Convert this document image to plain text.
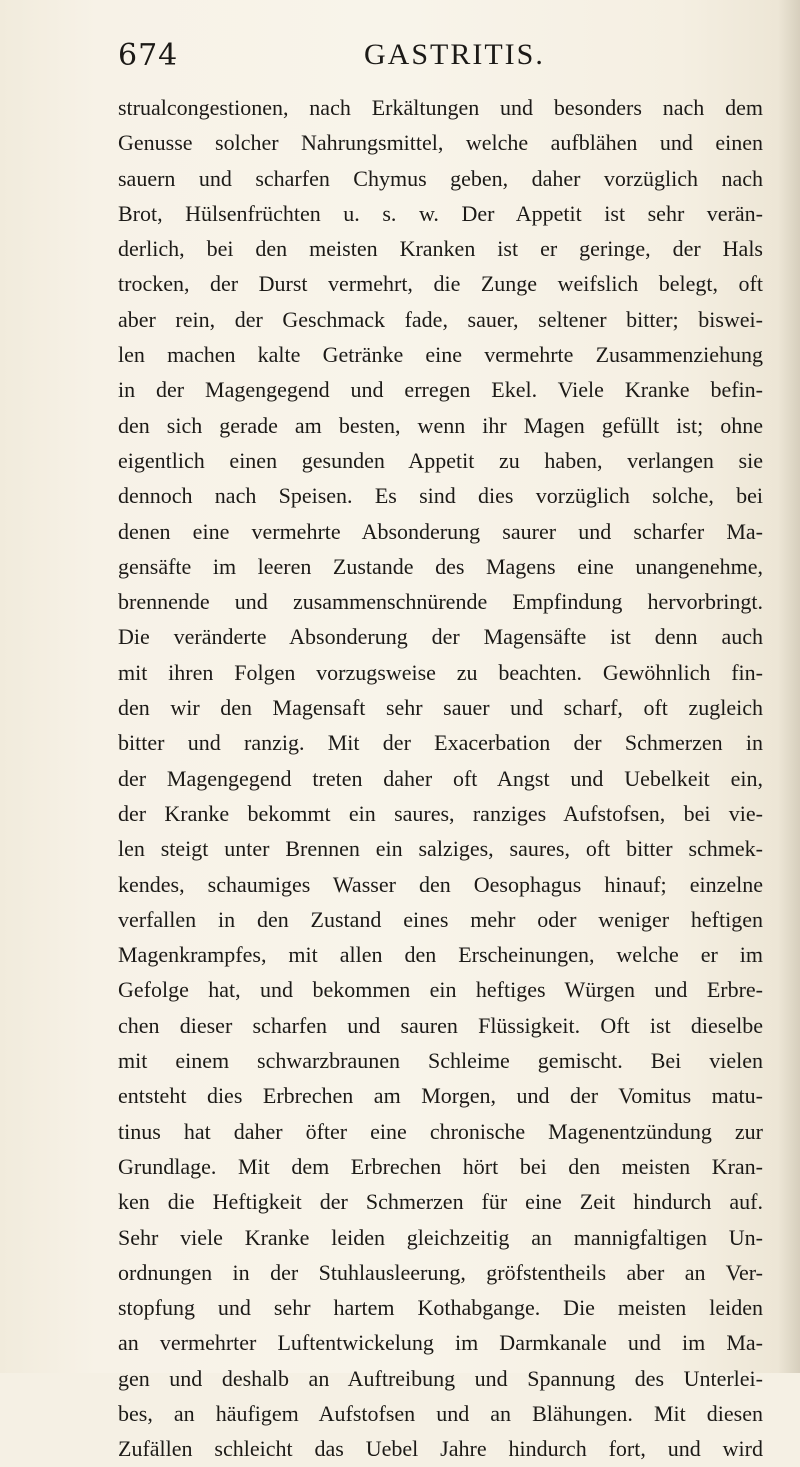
674	GASTRITIS.
strualcongestionen, nach Erkältungen und besonders nach dem
Genusse solcher Nahrungsmittel, welche aufblähen und einen
sauern und scharfen Chymus geben, daher vorzüglich nach
Brot, Hülsenfrüchten u. s. w. Der Appetit ist sehr verän-
derlich, bei den meisten Kranken ist er geringe, der Hals
trocken, der Durst vermehrt, die Zunge weifslich belegt, oft
aber rein, der Geschmack fade, sauer, seltener bitter; biswei-
len machen kalte Getränke eine vermehrte Zusammenziehung
in der Magengegend und erregen Ekel. Viele Kranke befin-
den sich gerade am besten, wenn ihr Magen gefüllt ist; ohne
eigentlich einen gesunden Appetit zu haben, verlangen sie
dennoch nach Speisen. Es sind dies vorzüglich solche, bei
denen eine vermehrte Absonderung saurer und scharfer Ma-
gensäfte im leeren Zustande des Magens eine unangenehme,
brennende und zusammenschnürende Empfindung hervorbringt.
Die veränderte Absonderung der Magensäfte ist denn auch
mit ihren Folgen vorzugsweise zu beachten. Gewöhnlich fin-
den wir den Magensaft sehr sauer und scharf, oft zugleich
bitter und ranzig. Mit der Exacerbation der Schmerzen in
der Magengegend treten daher oft Angst und Uebelkeit ein,
der Kranke bekommt ein saures, ranziges Aufstofsen, bei vie-
len steigt unter Brennen ein salziges, saures, oft bitter schmek-
kendes, schaumiges Wasser den Oesophagus hinauf; einzelne
verfallen in den Zustand eines mehr oder weniger heftigen
Magenkrampfes, mit allen den Erscheinungen, welche er im
Gefolge hat, und bekommen ein heftiges Würgen und Erbre-
chen dieser scharfen und sauren Flüssigkeit. Oft ist dieselbe
mit einem schwarzbraunen Schleime gemischt. Bei vielen
entsteht dies Erbrechen am Morgen, und der Vomitus matu-
tinus hat daher öfter eine chronische Magenentzündung zur
Grundlage. Mit dem Erbrechen hört bei den meisten Kran-
ken die Heftigkeit der Schmerzen für eine Zeit hindurch auf.
Sehr viele Kranke leiden gleichzeitig an mannigfaltigen Un-
ordnungen in der Stuhlausleerung, gröfstentheils aber an Ver-
stopfung und sehr hartem Kothabgange. Die meisten leiden
an vermehrter Luftentwickelung im Darmkanale und im Ma-
gen und deshalb an Auftreibung und Spannung des Unterlei-
bes, an häufigem Aufstofsen und an Blähungen. Mit diesen
Zufällen schleicht das Uebel Jahre hindurch fort, und wird
